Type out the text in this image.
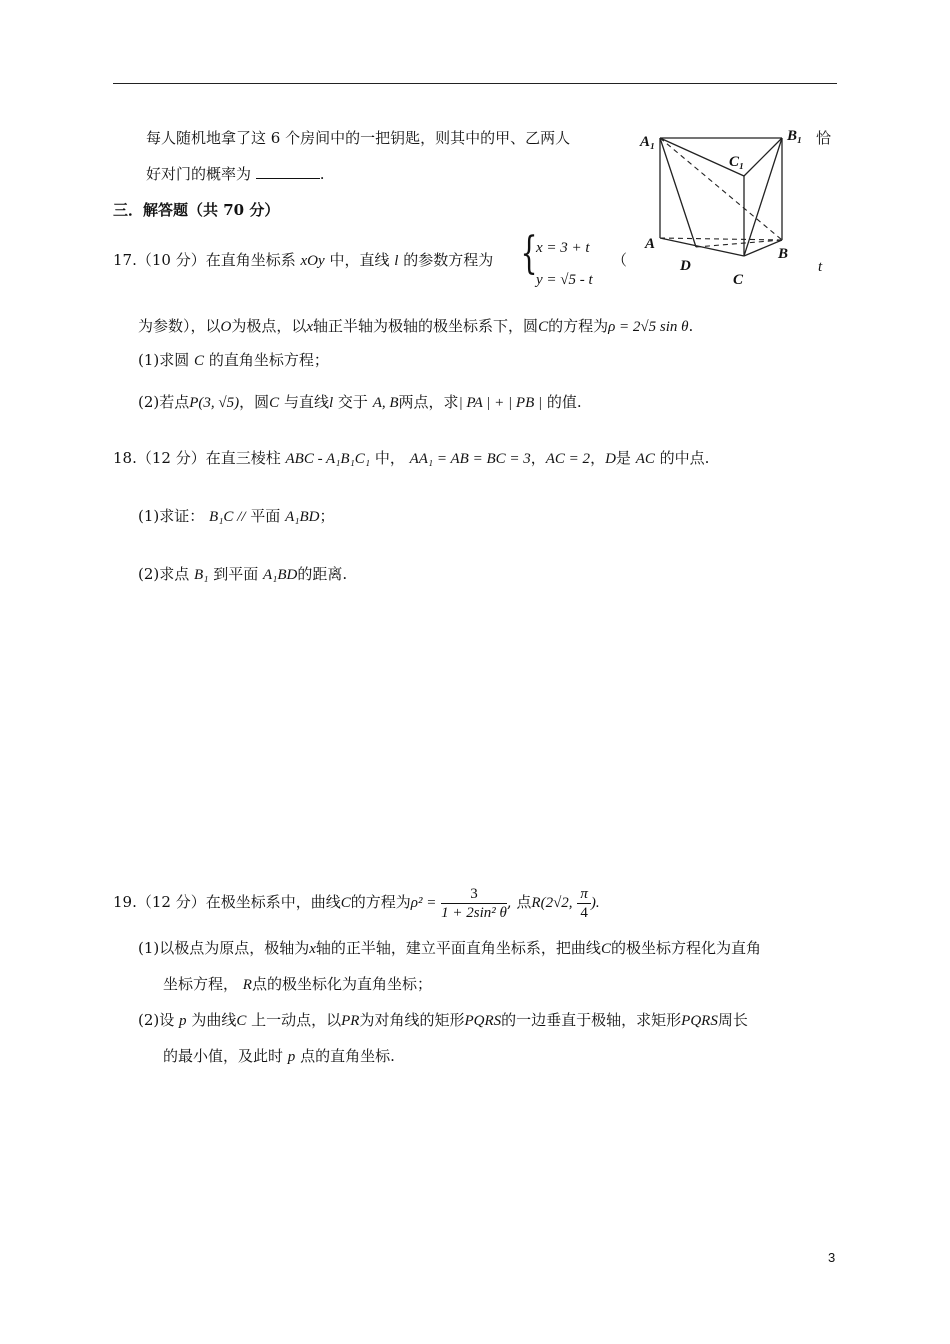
每人随机地拿了这 6 个房间中的一把钥匙，则其中的甲、乙两人	恰
好对门的概率为	.
A₁	B₁
C₁
A
B
C
D
三．解答题（共 70 分）
17.（10 分）在直角坐标系 xOy 中，直线 l 的参数方程为 {
x = 3 + t
y = √5 - t
（	t
为参数），以O为极点，以x轴正半轴为极轴的极坐标系下，圆C的方程为ρ = 2√5 sin θ.
(1)求圆 C 的直角坐标方程；
(2)若点P(3, √5)，圆C 与直线l 交于 A, B两点，求| PA | + | PB | 的值.
18.（12 分）在直三棱柱 ABC - A₁B₁C₁ 中， AA₁ = AB = BC = 3，AC = 2，D是 AC 的中点.
(1)求证： B₁C // 平面 A₁BD；
(2)求点 B₁ 到平面 A₁BD的距离.
19.（12 分）在极坐标系中，曲线C的方程为$\rho^2 = \frac{3}{\text{1 + 2sin² θ}}$ , 点R(2√2, $\frac{\pi}{4}$ ).
(1)以极点为原点，极轴为x轴的正半轴，建立平面直角坐标系，把曲线C的极坐标方程化为直角
坐标方程， R点的极坐标化为直角坐标；
(2)设 p 为曲线C 上一动点，以PR为对角线的矩形PQRS的一边垂直于极轴，求矩形PQRS周长
的最小值，及此时 p 点的直角坐标.
3
